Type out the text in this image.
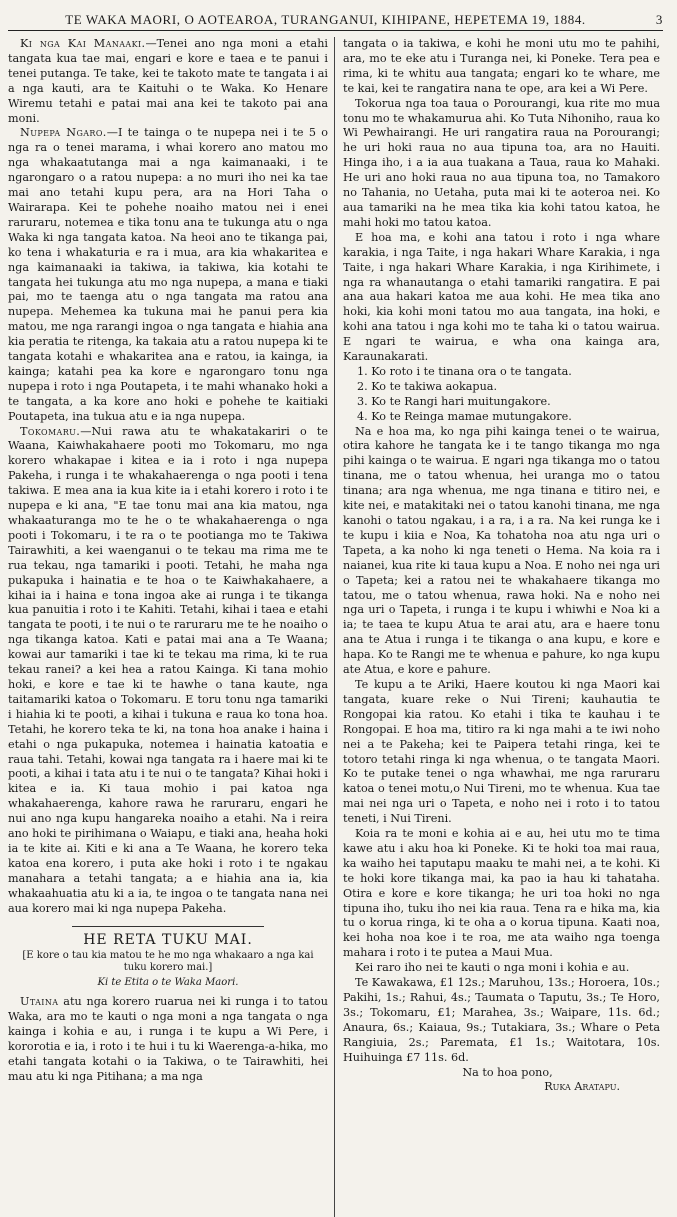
TE WAKA MAORI, O AOTEAROA, TURANGANUI, KIHIPANE, HEPETEMA 19, 1884.	3

Ki nga Kai Manaaki.—Tenei ano nga moni a etahi tangata kua tae mai, engari e kore e taea e te panui i tenei putanga. Te take, kei te takoto mate te tangata i ai a nga kauti, ara te Kaituhi o te Waka. Ko Henare Wiremu tetahi e patai mai ana kei te takoto pai ana moni.

Nupepa Ngaro.—I te tainga o te nupepa nei i te 5 o nga ra o tenei marama, i whai korero ano matou mo nga whakaatutanga mai a nga kaimanaaki, i te ngarongaro o a ratou nupepa: a no muri iho nei ka tae mai ano tetahi kupu pera, ara na Hori Taha o Wairarapa. Kei te pohehe noaiho matou nei i enei raruraru, notemea e tika tonu ana te tukunga atu o nga Waka ki nga tangata katoa. Na heoi ano te tikanga pai, ko tena i whakaturia e ra i mua, ara kia whakaritea e nga kaimanaaki ia takiwa, ia takiwa, kia kotahi te tangata hei tukunga atu mo nga nupepa, a mana e tiaki pai, mo te taenga atu o nga tangata ma ratou ana nupepa. Mehemea ka tukuna mai he panui pera kia matou, me nga rarangi ingoa o nga tangata e hiahia ana kia peratia te ritenga, ka takaia atu a ratou nupepa ki te tangata kotahi e whakaritea ana e ratou, ia kainga, ia kainga; katahi pea ka kore e ngarongaro tonu nga nupepa i roto i nga Poutapeta, i te mahi whanako hoki a te tangata, a ka kore ano hoki e pohehe te kaitiaki Poutapeta, ina tukua atu e ia nga nupepa.

Tokomaru.—Nui rawa atu te whakatakariri o te Waana, Kaiwhakahaere pooti mo Tokomaru, mo nga korero whakapae i kitea e ia i roto i nga nupepa Pakeha, i runga i te whakahaerenga o nga pooti i tena takiwa. E mea ana ia kua kite ia i etahi korero i roto i te nupepa e ki ana, "E tae tonu mai ana kia matou, nga whakaaturanga mo te he o te whakahaerenga o nga pooti i Tokomaru, i te ra o te pootianga mo te Takiwa Tairawhiti, a kei waenganui o te tekau ma rima me te rua tekau, nga tamariki i pooti. Tetahi, he maha nga pukapuka i hainatia e te hoa o te Kaiwhakahaere, a kihai ia i haina e tona ingoa ake ai runga i te tikanga kua panuitia i roto i te Kahiti. Tetahi, kihai i taea e etahi tangata te pooti, i te nui o te raruraru me te he noaiho o nga tikanga katoa. Kati e patai mai ana a Te Waana; kowai aur tamariki i tae ki te tekau ma rima, ki te rua tekau ranei? a kei hea a ratou Kainga. Ki tana mohio hoki, e kore e tae ki te hawhe o tana kaute, nga taitamariki katoa o Tokomaru. E toru tonu nga tamariki i hiahia ki te pooti, a kihai i tukuna e raua ko tona hoa. Tetahi, he korero teka te ki, na tona hoa anake i haina i etahi o nga pukapuka, notemea i hainatia katoatia e raua tahi. Tetahi, kowai nga tangata ra i haere mai ki te pooti, a kihai i tata atu i te nui o te tangata? Kihai hoki i kitea e ia. Ki taua mohio i pai katoa nga whakahaerenga, kahore rawa he raruraru, engari he nui ano nga kupu hangareka noaiho a etahi. Na i reira ano hoki te pirihimana o Waiapu, e tiaki ana, heaha hoki ia te kite ai. Kiti e ki ana a Te Waana, he korero teka katoa ena korero, i puta ake hoki i roto i te ngakau manahara a tetahi tangata; a e hiahia ana ia, kia whakaahuatia atu ki a ia, te ingoa o te tangata nana nei aua korero mai ki nga nupepa Pakeha.

HE RETA TUKU MAI.
[E kore o tau kia matou te he mo nga whakaaro a nga kai tuku korero mai.]
Ki te Etita o te Waka Maori.

Utaina atu nga korero ruarua nei ki runga i to tatou Waka, ara mo te kauti o nga moni a nga tangata o nga kainga i kohia e au, i runga i te kupu a Wi Pere, i kororotia e ia, i roto i te hui i tu ki Waerenga-a-hika, mo etahi tangata kotahi o ia Takiwa, o te Tairawhiti, hei mau atu ki nga Pitihana; a ma nga

tangata o ia takiwa, e kohi he moni utu mo te pahihi, ara, mo te eke atu i Turanga nei, ki Poneke. Tera pea e rima, ki te whitu aua tangata; engari ko te whare, me te kai, kei te rangatira nana te ope, ara kei a Wi Pere.

Tokorua nga toa taua o Porourangi, kua rite mo mua tonu mo te whakamurua ahi. Ko Tuta Nihoniho, raua ko Wi Pewhairangi. He uri rangatira raua na Porourangi; he uri hoki raua no aua tipuna toa, ara no Hauiti. Hinga iho, i a ia aua tuakana a Taua, raua ko Mahaki. He uri ano hoki raua no aua tipuna toa, no Tamakoro no Tahania, no Uetaha, puta mai ki te aoteroa nei. Ko aua tamariki na he mea tika kia kohi tatou katoa, he mahi hoki mo tatou katoa.

E hoa ma, e kohi ana tatou i roto i nga whare karakia, i nga Taite, i nga hakari Whare Karakia, i nga Taite, i nga hakari Whare Karakia, i nga Kirihimete, i nga ra whanautanga o etahi tamariki rangatira. E pai ana aua hakari katoa me aua kohi. He mea tika ano hoki, kia kohi moni tatou mo aua tangata, ina hoki, e kohi ana tatou i nga kohi mo te taha ki o tatou wairua. E ngari te wairua, e wha ona kainga ara, Karaunakarati.

1. Ko roto i te tinana ora o te tangata.
2. Ko te takiwa aokapua.
3. Ko te Rangi hari muitungakore.
4. Ko te Reinga mamae mutungakore.

Na e hoa ma, ko nga pihi kainga tenei o te wairua, otira kahore he tangata ke i te tango tikanga mo nga pihi kainga o te wairua. E ngari nga tikanga mo o tatou tinana, me o tatou whenua, hei uranga mo o tatou tinana; ara nga whenua, me nga tinana e titiro nei, e kite nei, e matakitaki nei o tatou kanohi tinana, me nga kanohi o tatou ngakau, i a ra, i a ra. Na kei runga ke i te kupu i kiia e Noa, Ka tohatoha noa atu nga uri o Tapeta, a ka noho ki nga teneti o Hema. Na koia ra i naianei, kua rite ki taua kupu a Noa. E noho nei nga uri o Tapeta; kei a ratou nei te whakahaere tikanga mo tatou, me o tatou whenua, rawa hoki. Na e noho nei nga uri o Tapeta, i runga i te kupu i whiwhi e Noa ki a ia; te taea te kupu Atua te arai atu, ara e haere tonu ana te Atua i runga i te tikanga o ana kupu, e kore e hapa. Ko te Rangi me te whenua e pahure, ko nga kupu ate Atua, e kore e pahure.

Te kupu a te Ariki, Haere koutou ki nga Maori kai tangata, kuare reke o Nui Tireni; kauhautia te Rongopai kia ratou. Ko etahi i tika te kauhau i te Rongopai. E hoa ma, titiro ra ki nga mahi a te iwi noho nei a te Pakeha; kei te Paipera tetahi ringa, kei te totoro tetahi ringa ki nga whenua, o te tangata Maori. Ko te putake tenei o nga whawhai, me nga raruraru katoa o tenei motu,o Nui Tireni, mo te whenua. Kua tae mai nei nga uri o Tapeta, e noho nei i roto i to tatou teneti, i Nui Tireni.

Koia ra te moni e kohia ai e au, hei utu mo te tima kawe atu i aku hoa ki Poneke. Ki te hoki toa mai raua, ka waiho hei taputapu maaku te mahi nei, a te kohi. Ki te hoki kore tikanga mai, ka pao ia hau ki tahataha. Otira e kore e kore tikanga; he uri toa hoki no nga tipuna iho, tuku iho nei kia raua. Tena ra e hika ma, kia tu o koruа ringa, ki te oha a o korua tipuna. Kaati noa, kei hoha noa koe i te roa, me ata waiho nga toenga mahara i roto i te putea a Maui Mua.

Kei raro iho nei te kauti o nga moni i kohia e au.

Te Kawakawa, £1 12s.; Maruhou, 13s.; Horoera, 10s.; Pakihi, 1s.; Rahui, 4s.; Taumata o Taputu, 3s.; Te Horo, 3s.; Tokomaru, £1; Marahea, 3s.; Waipare, 11s. 6d.; Anaura, 6s.; Kaiaua, 9s.; Tutakiara, 3s.; Whare o Peta Rangiuia, 2s.; Paremata, £1 1s.; Waitotara, 10s. Huihuinga £7 11s. 6d.

Na to hoa pono,

Ruka Aratapu.
